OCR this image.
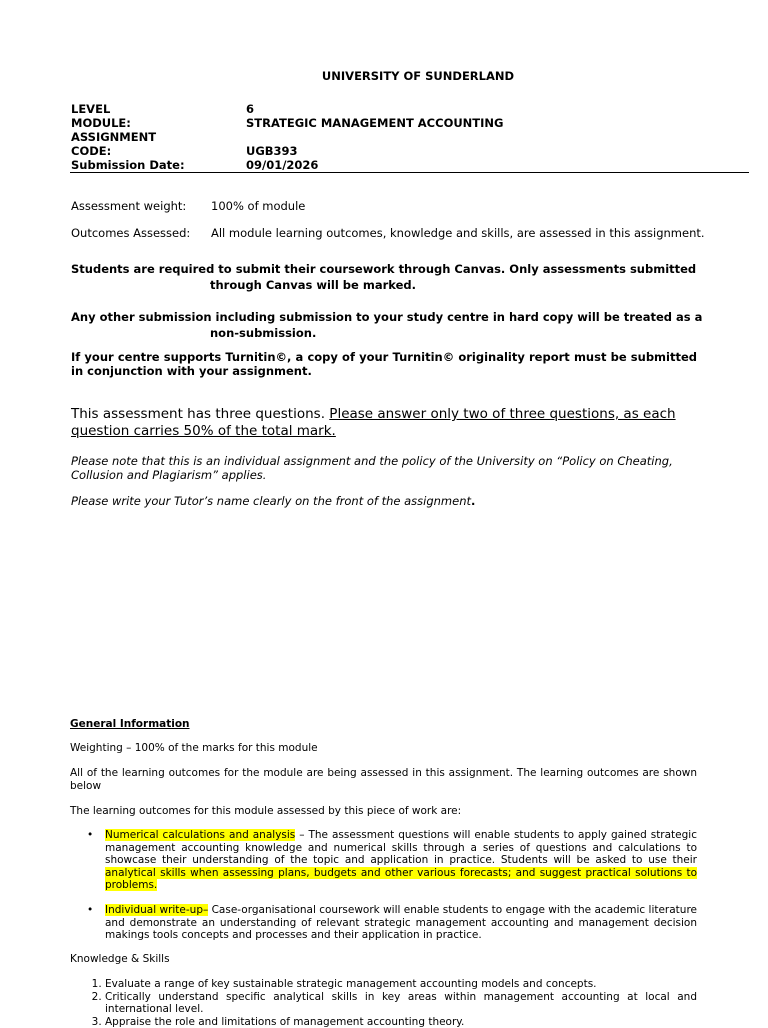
UNIVERSITY OF SUNDERLAND
LEVEL	6
MODULE:	STRATEGIC MANAGEMENT ACCOUNTING
ASSIGNMENT
CODE:	UGB393
Submission Date:	09/01/2026
Assessment weight: 100% of module
Outcomes Assessed: All module learning outcomes, knowledge and skills, are assessed in this assignment.
Students are required to submit their coursework through Canvas. Only assessments submitted
through Canvas will be marked.
Any other submission including submission to your study centre in hard copy will be treated as a
non-submission.
If your centre supports Turnitin©, a copy of your Turnitin© originality report must be submitted in conjunction with your assignment.
This assessment has three questions. Please answer only two of three questions, as each question carries 50% of the total mark.
Please note that this is an individual assignment and the policy of the University on “Policy on Cheating, Collusion and Plagiarism” applies.
Please write your Tutor’s name clearly on the front of the assignment.
General Information
Weighting – 100% of the marks for this module
All of the learning outcomes for the module are being assessed in this assignment. The learning outcomes are shown below
The learning outcomes for this module assessed by this piece of work are:
• Numerical calculations and analysis – The assessment questions will enable students to apply gained strategic management accounting knowledge and numerical skills through a series of questions and calculations to showcase their understanding of the topic and application in practice. Students will be asked to use their analytical skills when assessing plans, budgets and other various forecasts; and suggest practical solutions to problems.
• Individual write-up– Case-organisational coursework will enable students to engage with the academic literature and demonstrate an understanding of relevant strategic management accounting and management decision makings tools concepts and processes and their application in practice.
Knowledge & Skills
1. Evaluate a range of key sustainable strategic management accounting models and concepts.
2. Critically understand specific analytical skills in key areas within management accounting at local and international level.
3. Appraise the role and limitations of management accounting theory.
